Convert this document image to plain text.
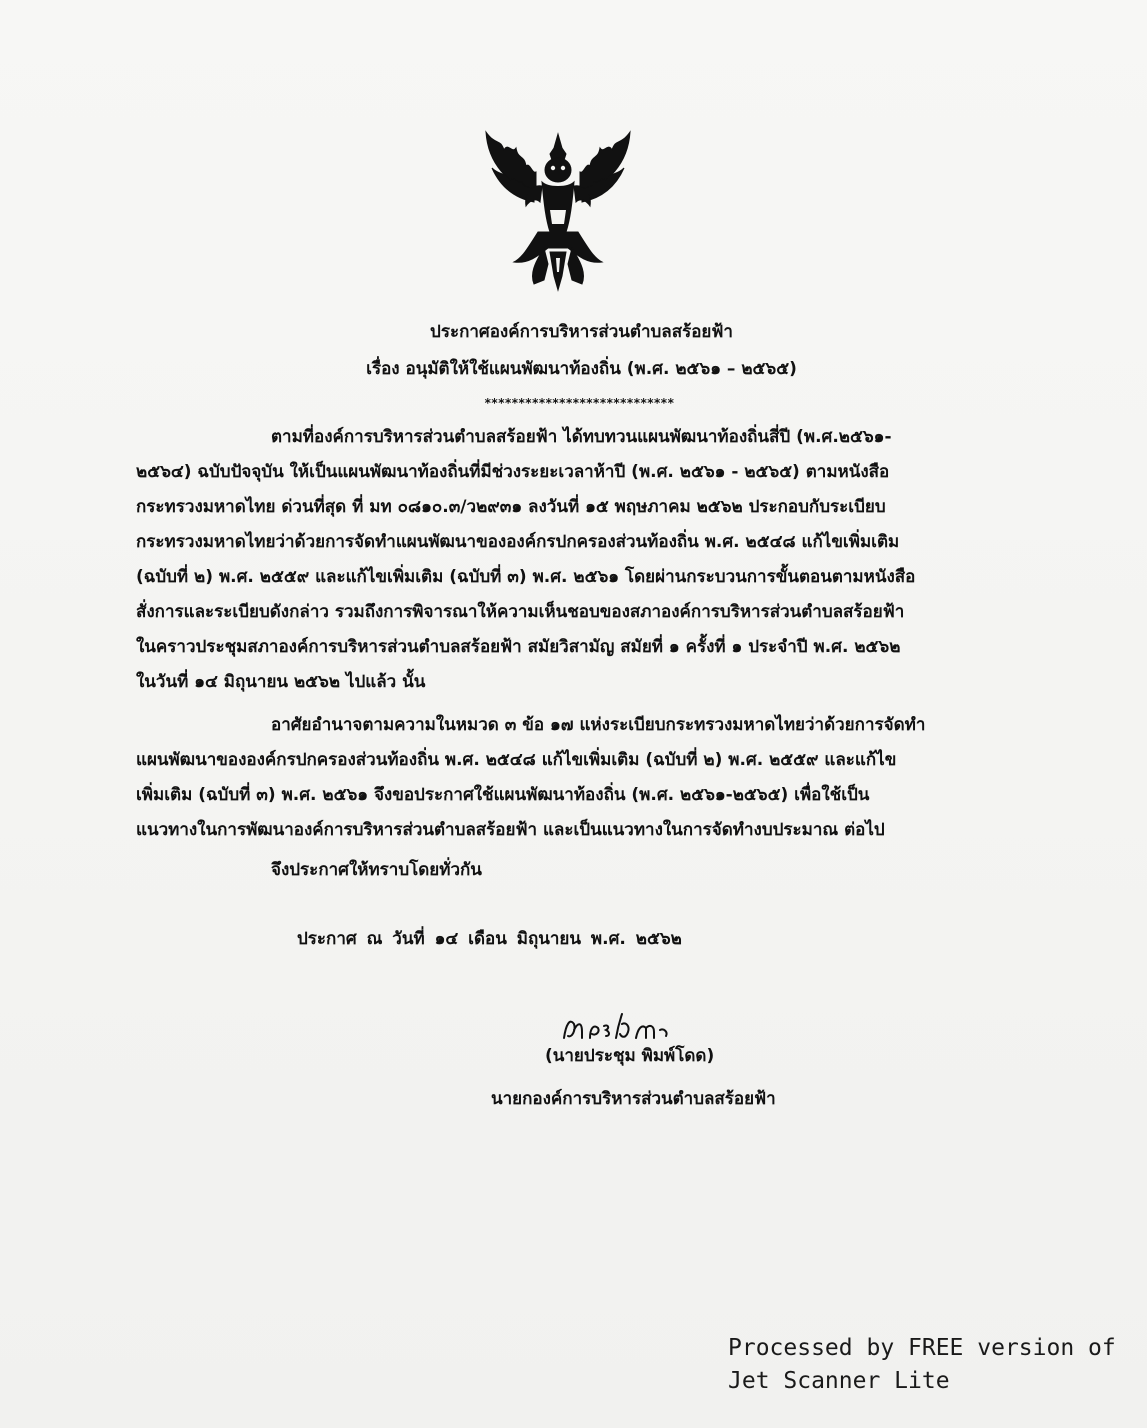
ประกาศองค์การบริหารส่วนตำบลสร้อยฟ้า
เรื่อง อนุมัติให้ใช้แผนพัฒนาท้องถิ่น (พ.ศ. ๒๕๖๑ – ๒๕๖๕)
****************************
ตามที่องค์การบริหารส่วนตำบลสร้อยฟ้า ได้ทบทวนแผนพัฒนาท้องถิ่นสี่ปี (พ.ศ.๒๕๖๑-
๒๕๖๔) ฉบับปัจจุบัน ให้เป็นแผนพัฒนาท้องถิ่นที่มีช่วงระยะเวลาห้าปี (พ.ศ. ๒๕๖๑ - ๒๕๖๕) ตามหนังสือ
กระทรวงมหาดไทย ด่วนที่สุด ที่ มท ๐๘๑๐.๓/ว๒๙๓๑ ลงวันที่ ๑๕ พฤษภาคม ๒๕๖๒ ประกอบกับระเบียบ
กระทรวงมหาดไทยว่าด้วยการจัดทำแผนพัฒนาขององค์กรปกครองส่วนท้องถิ่น พ.ศ. ๒๕๔๘ แก้ไขเพิ่มเติม
(ฉบับที่ ๒) พ.ศ. ๒๕๕๙ และแก้ไขเพิ่มเติม (ฉบับที่ ๓) พ.ศ. ๒๕๖๑ โดยผ่านกระบวนการขั้นตอนตามหนังสือ
สั่งการและระเบียบดังกล่าว รวมถึงการพิจารณาให้ความเห็นชอบของสภาองค์การบริหารส่วนตำบลสร้อยฟ้า
ในคราวประชุมสภาองค์การบริหารส่วนตำบลสร้อยฟ้า สมัยวิสามัญ สมัยที่ ๑ ครั้งที่ ๑ ประจำปี พ.ศ. ๒๕๖๒
ในวันที่ ๑๔ มิถุนายน ๒๕๖๒ ไปแล้ว นั้น
อาศัยอำนาจตามความในหมวด ๓ ข้อ ๑๗ แห่งระเบียบกระทรวงมหาดไทยว่าด้วยการจัดทำ
แผนพัฒนาขององค์กรปกครองส่วนท้องถิ่น พ.ศ. ๒๕๔๘ แก้ไขเพิ่มเติม (ฉบับที่ ๒) พ.ศ. ๒๕๕๙ และแก้ไข
เพิ่มเติม (ฉบับที่ ๓) พ.ศ. ๒๕๖๑ จึงขอประกาศใช้แผนพัฒนาท้องถิ่น (พ.ศ. ๒๕๖๑-๒๕๖๕) เพื่อใช้เป็น
แนวทางในการพัฒนาองค์การบริหารส่วนตำบลสร้อยฟ้า และเป็นแนวทางในการจัดทำงบประมาณ ต่อไป
จึงประกาศให้ทราบโดยทั่วกัน
ประกาศ ณ วันที่ ๑๔ เดือน มิถุนายน พ.ศ. ๒๕๖๒
(นายประชุม พิมพ์โดด)
นายกองค์การบริหารส่วนตำบลสร้อยฟ้า
Processed by FREE version of
Jet Scanner Lite
